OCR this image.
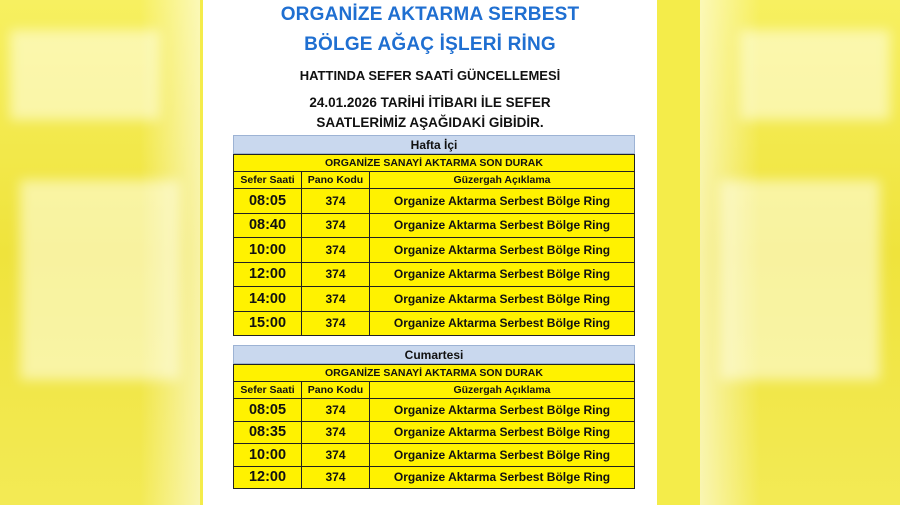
ORGANİZE AKTARMA SERBEST
BÖLGE AĞAÇ İŞLERİ RİNG
HATTINDA SEFER SAATİ GÜNCELLEMESİ
24.01.2026 TARİHİ İTİBARI İLE SEFER
SAATLERİMİZ AŞAĞIDAKİ GİBİDİR.
Hafta İçi
ORGANİZE SANAYİ AKTARMA SON DURAK		
Sefer Saati	Pano Kodu	Güzergah Açıklama
08:05	374	Organize Aktarma Serbest Bölge Ring
08:40	374	Organize Aktarma Serbest Bölge Ring
10:00	374	Organize Aktarma Serbest Bölge Ring
12:00	374	Organize Aktarma Serbest Bölge Ring
14:00	374	Organize Aktarma Serbest Bölge Ring
15:00	374	Organize Aktarma Serbest Bölge Ring
Cumartesi
ORGANİZE SANAYİ AKTARMA SON DURAK		
Sefer Saati	Pano Kodu	Güzergah Açıklama
08:05	374	Organize Aktarma Serbest Bölge Ring
08:35	374	Organize Aktarma Serbest Bölge Ring
10:00	374	Organize Aktarma Serbest Bölge Ring
12:00	374	Organize Aktarma Serbest Bölge Ring
